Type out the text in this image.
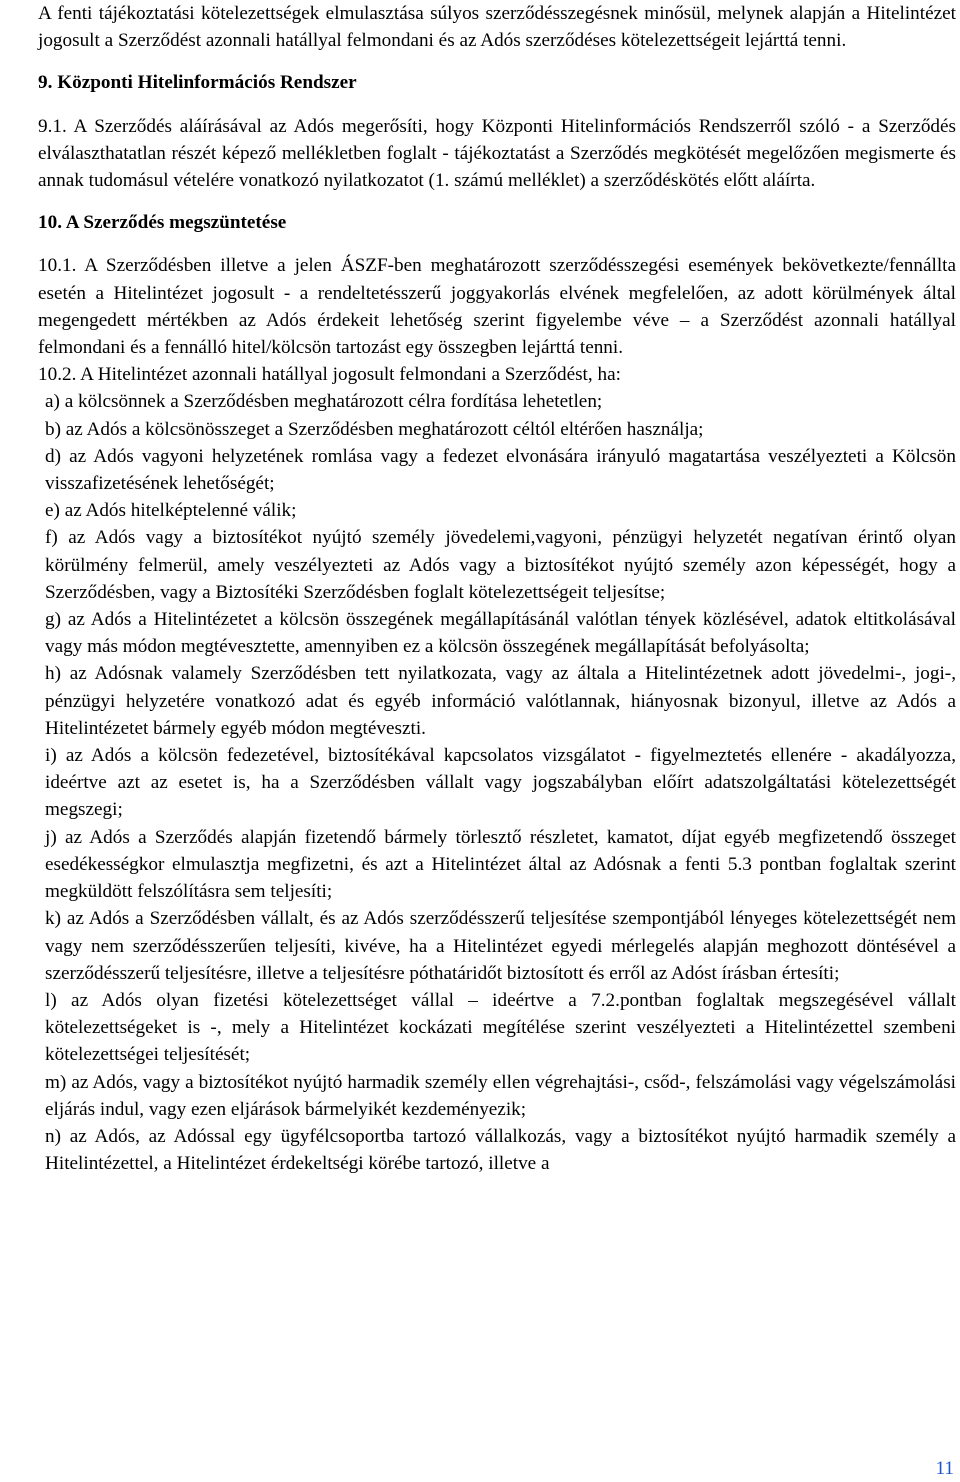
A fenti tájékoztatási kötelezettségek elmulasztása súlyos szerződésszegésnek minősül, melynek alapján a Hitelintézet jogosult a Szerződést azonnali hatállyal felmondani és az Adós szerződéses kötelezettségeit lejárttá tenni.

9. Központi Hitelinformációs Rendszer

9.1. A Szerződés aláírásával az Adós megerősíti, hogy Központi Hitelinformációs Rendszerről szóló - a Szerződés elválaszthatatlan részét képező mellékletben foglalt - tájékoztatást a Szerződés megkötését megelőzően megismerte és annak tudomásul vételére vonatkozó nyilatkozatot (1. számú melléklet) a szerződéskötés előtt aláírta.

10. A Szerződés megszüntetése

10.1. A Szerződésben illetve a jelen ÁSZF-ben meghatározott szerződésszegési események bekövetkezte/fennállta esetén a Hitelintézet jogosult - a rendeltetésszerű joggyakorlás elvének megfelelően, az adott körülmények által megengedett mértékben az Adós érdekeit lehetőség szerint figyelembe véve – a Szerződést azonnali hatállyal felmondani és a fennálló hitel/kölcsön tartozást egy összegben lejárttá tenni.

10.2. A Hitelintézet azonnali hatállyal jogosult felmondani a Szerződést, ha:

a) a kölcsönnek a Szerződésben meghatározott célra fordítása lehetetlen;

b) az Adós a kölcsönösszeget a Szerződésben meghatározott céltól eltérően használja;

d) az Adós vagyoni helyzetének romlása vagy a fedezet elvonására irányuló magatartása veszélyezteti a Kölcsön visszafizetésének lehetőségét;

e) az Adós hitelképtelenné válik;

f) az Adós vagy a biztosítékot nyújtó személy jövedelemi,vagyoni, pénzügyi helyzetét negatívan érintő olyan körülmény felmerül, amely veszélyezteti az Adós vagy a biztosítékot nyújtó személy azon képességét, hogy a Szerződésben, vagy a Biztosítéki Szerződésben foglalt kötelezettségeit teljesítse;

g) az Adós a Hitelintézetet a kölcsön összegének megállapításánál valótlan tények közlésével, adatok eltitkolásával vagy más módon megtévesztette, amennyiben ez a kölcsön összegének megállapítását befolyásolta;

h) az Adósnak valamely Szerződésben tett nyilatkozata, vagy az általa a Hitelintézetnek adott jövedelmi-, jogi-, pénzügyi helyzetére vonatkozó adat és egyéb információ valótlannak, hiányosnak bizonyul, illetve az Adós a Hitelintézetet bármely egyéb módon megtéveszti.

i) az Adós a kölcsön fedezetével, biztosítékával kapcsolatos vizsgálatot - figyelmeztetés ellenére - akadályozza, ideértve azt az esetet is, ha a Szerződésben vállalt vagy jogszabályban előírt adatszolgáltatási kötelezettségét megszegi;

j) az Adós a Szerződés alapján fizetendő bármely törlesztő részletet, kamatot, díjat egyéb megfizetendő összeget esedékességkor elmulasztja megfizetni, és azt a Hitelintézet által az Adósnak a fenti 5.3 pontban foglaltak szerint megküldött felszólításra sem teljesíti;

k) az Adós a Szerződésben vállalt, és az Adós szerződésszerű teljesítése szempontjából lényeges kötelezettségét nem vagy nem szerződésszerűen teljesíti, kivéve, ha a Hitelintézet egyedi mérlegelés alapján meghozott döntésével a szerződésszerű teljesítésre, illetve a teljesítésre póthatáridőt biztosított és erről az Adóst írásban értesíti;

l) az Adós olyan fizetési kötelezettséget vállal – ideértve a 7.2.pontban foglaltak megszegésével vállalt kötelezettségeket is -, mely a Hitelintézet kockázati megítélése szerint veszélyezteti a Hitelintézettel szembeni kötelezettségei teljesítését;

m) az Adós, vagy a biztosítékot nyújtó harmadik személy ellen végrehajtási-, csőd-, felszámolási vagy végelszámolási eljárás indul, vagy ezen eljárások bármelyikét kezdeményezik;

n) az Adós, az Adóssal egy ügyfélcsoportba tartozó vállalkozás, vagy a biztosítékot nyújtó harmadik személy a Hitelintézettel, a Hitelintézet érdekeltségi körébe tartozó, illetve a

11
